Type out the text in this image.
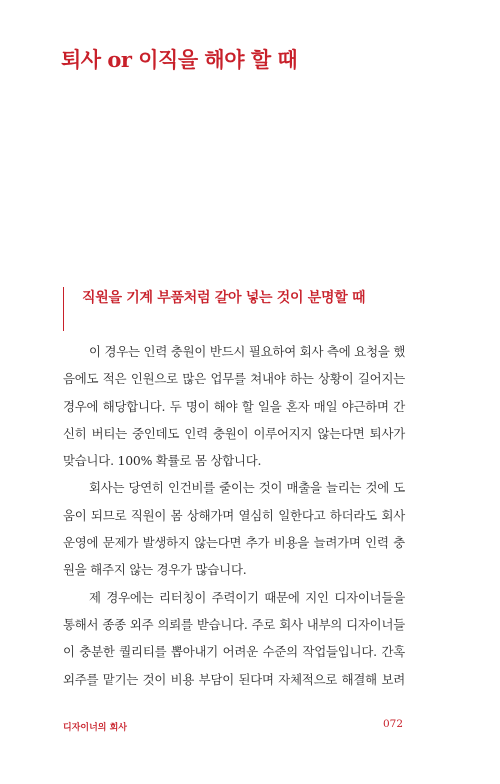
퇴사 or 이직을 해야 할 때
직원을 기계 부품처럼 갈아 넣는 것이 분명할 때

이 경우는 인력 충원이 반드시 필요하여 회사 측에 요청을 했
음에도 적은 인원으로 많은 업무를 쳐내야 하는 상황이 길어지는
경우에 해당합니다. 두 명이 해야 할 일을 혼자 매일 야근하며 간
신히 버티는 중인데도 인력 충원이 이루어지지 않는다면 퇴사가
맞습니다. 100% 확률로 몸 상합니다.

회사는 당연히 인건비를 줄이는 것이 매출을 늘리는 것에 도
움이 되므로 직원이 몸 상해가며 열심히 일한다고 하더라도 회사
운영에 문제가 발생하지 않는다면 추가 비용을 늘려가며 인력 충
원을 해주지 않는 경우가 많습니다.

제 경우에는 리터칭이 주력이기 때문에 지인 디자이너들을
통해서 종종 외주 의뢰를 받습니다. 주로 회사 내부의 디자이너들
이 충분한 퀄리티를 뽑아내기 어려운 수준의 작업들입니다. 간혹
외주를 맡기는 것이 비용 부담이 된다며 자체적으로 해결해 보려

디자이너의 회사	072
